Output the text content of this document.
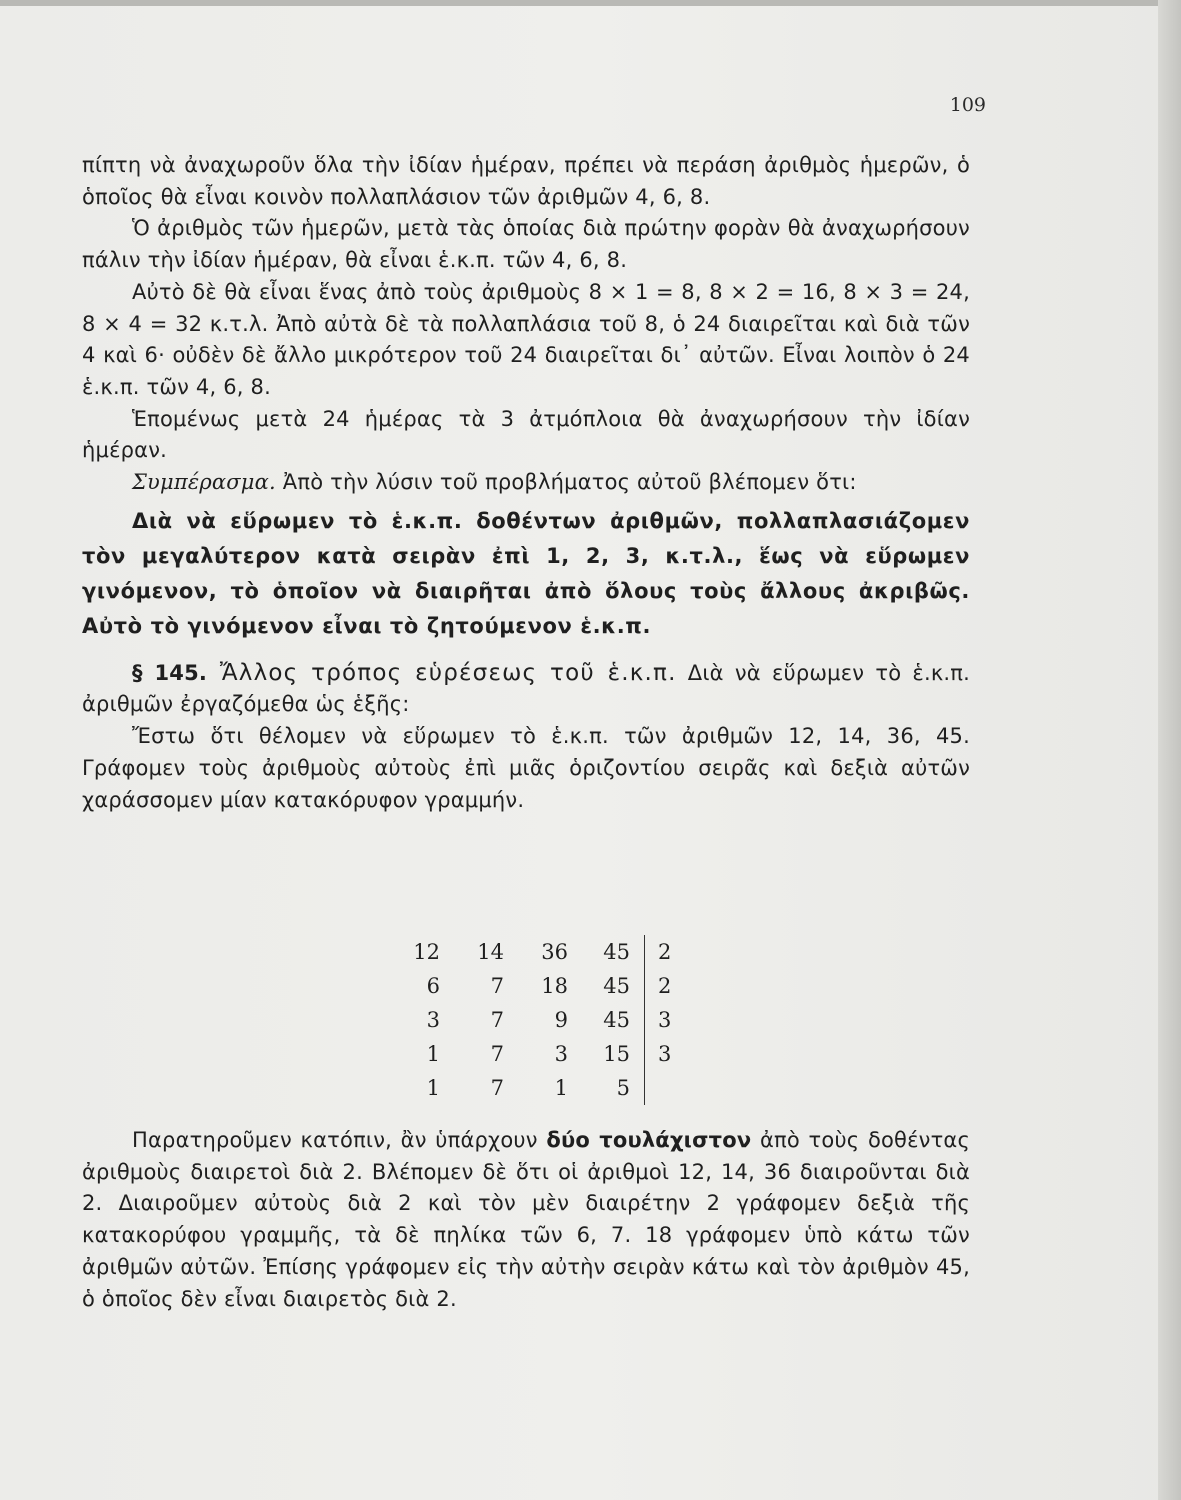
109

πίπτη νὰ ἀναχωροῦν ὅλα τὴν ἰδίαν ἡμέραν, πρέπει νὰ περάση ἀριθμὸς ἡμερῶν, ὁ ὁποῖος θὰ εἶναι κοινὸν πολλαπλάσιον τῶν ἀριθμῶν 4, 6, 8.

Ὁ ἀριθμὸς τῶν ἡμερῶν, μετὰ τὰς ὁποίας διὰ πρώτην φορὰν θὰ ἀναχωρήσουν πάλιν τὴν ἰδίαν ἡμέραν, θὰ εἶναι ἑ.κ.π. τῶν 4, 6, 8.

Αὐτὸ δὲ θὰ εἶναι ἕνας ἀπὸ τοὺς ἀριθμοὺς 8 × 1 = 8, 8 × 2 = 16, 8 × 3 = 24, 8 × 4 = 32 κ.τ.λ. Ἀπὸ αὐτὰ δὲ τὰ πολλαπλάσια τοῦ 8, ὁ 24 διαιρεῖται καὶ διὰ τῶν 4 καὶ 6· οὐδὲν δὲ ἄλλο μικρότερον τοῦ 24 διαιρεῖται δι᾿ αὐτῶν. Εἶναι λοιπὸν ὁ 24 ἑ.κ.π. τῶν 4, 6, 8.

Ἑπομένως μετὰ 24 ἡμέρας τὰ 3 ἀτμόπλοια θὰ ἀναχωρήσουν τὴν ἰδίαν ἡμέραν.

Συμπέρασμα. Ἀπὸ τὴν λύσιν τοῦ προβλήματος αὐτοῦ βλέπομεν ὅτι:

Διὰ νὰ εὕρωμεν τὸ ἑ.κ.π. δοθέντων ἀριθμῶν, πολλαπλασιάζομεν τὸν μεγαλύτερον κατὰ σειρὰν ἐπὶ 1, 2, 3, κ.τ.λ., ἕως νὰ εὕρωμεν γινόμενον, τὸ ὁποῖον νὰ διαιρῆται ἀπὸ ὅλους τοὺς ἄλλους ἀκριβῶς. Αὐτὸ τὸ γινόμενον εἶναι τὸ ζητούμενον ἑ.κ.π.

§ 145. Ἄλλος τρόπος εὑρέσεως τοῦ ἑ.κ.π. Διὰ νὰ εὕρωμεν τὸ ἑ.κ.π. ἀριθμῶν ἐργαζόμεθα ὡς ἑξῆς:

Ἔστω ὅτι θέλομεν νὰ εὕρωμεν τὸ ἑ.κ.π. τῶν ἀριθμῶν 12, 14, 36, 45. Γράφομεν τοὺς ἀριθμοὺς αὐτοὺς ἐπὶ μιᾶς ὁριζοντίου σειρᾶς καὶ δεξιὰ αὐτῶν χαράσσομεν μίαν κατακόρυφον γραμμήν.

12	14	36	45	2
6	7	18	45	2
3	7	9	45	3
1	7	3	15	3
1	7	1	5	

Παρατηροῦμεν κατόπιν, ἂν ὑπάρχουν δύο τουλάχιστον ἀπὸ τοὺς δοθέντας ἀριθμοὺς διαιρετοὶ διὰ 2. Βλέπομεν δὲ ὅτι οἱ ἀριθμοὶ 12, 14, 36 διαιροῦνται διὰ 2. Διαιροῦμεν αὐτοὺς διὰ 2 καὶ τὸν μὲν διαιρέτην 2 γράφομεν δεξιὰ τῆς κατακορύφου γραμμῆς, τὰ δὲ πηλίκα τῶν 6, 7. 18 γράφομεν ὑπὸ κάτω τῶν ἀριθμῶν αὐτῶν. Ἐπίσης γράφομεν εἰς τὴν αὐτὴν σειρὰν κάτω καὶ τὸν ἀριθμὸν 45, ὁ ὁποῖος δὲν εἶναι διαιρετὸς διὰ 2.
